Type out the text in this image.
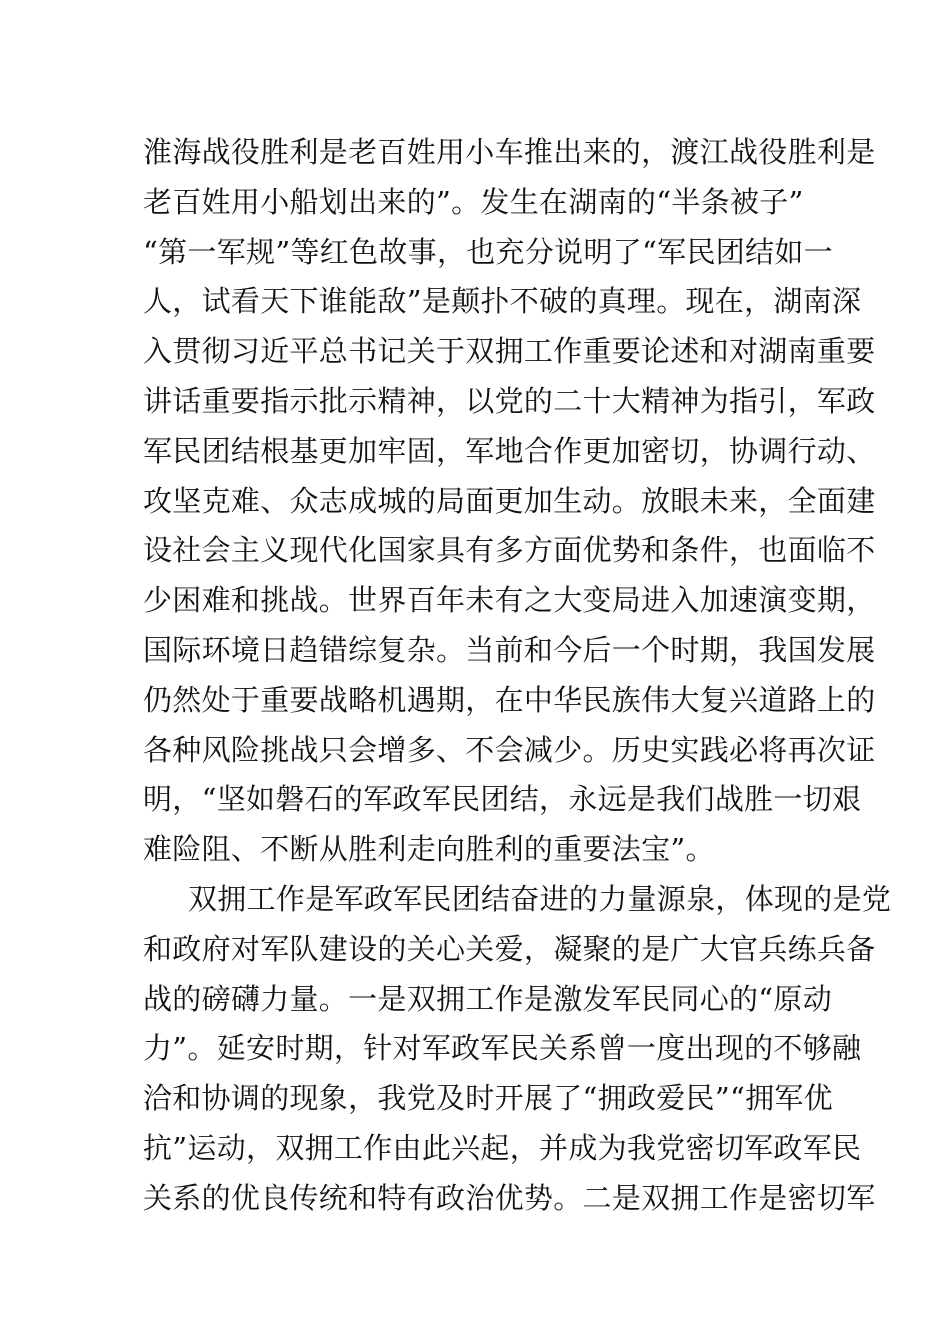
淮海战役胜利是老百姓用小车推出来的，渡江战役胜利是
老百姓用小船划出来的”。发生在湖南的“半条被子”
“第一军规”等红色故事，也充分说明了“军民团结如一
人，试看天下谁能敌”是颠扑不破的真理。现在，湖南深
入贯彻习近平总书记关于双拥工作重要论述和对湖南重要
讲话重要指示批示精神，以党的二十大精神为指引，军政
军民团结根基更加牢固，军地合作更加密切，协调行动、
攻坚克难、众志成城的局面更加生动。放眼未来，全面建
设社会主义现代化国家具有多方面优势和条件，也面临不
少困难和挑战。世界百年未有之大变局进入加速演变期，
国际环境日趋错综复杂。当前和今后一个时期，我国发展
仍然处于重要战略机遇期，在中华民族伟大复兴道路上的
各种风险挑战只会增多、不会减少。历史实践必将再次证
明，“坚如磐石的军政军民团结，永远是我们战胜一切艰
难险阻、不断从胜利走向胜利的重要法宝”。
双拥工作是军政军民团结奋进的力量源泉，体现的是党
和政府对军队建设的关心关爱，凝聚的是广大官兵练兵备
战的磅礴力量。一是双拥工作是激发军民同心的“原动
力”。延安时期，针对军政军民关系曾一度出现的不够融
洽和协调的现象，我党及时开展了“拥政爱民”“拥军优
抗”运动，双拥工作由此兴起，并成为我党密切军政军民
关系的优良传统和特有政治优势。二是双拥工作是密切军
